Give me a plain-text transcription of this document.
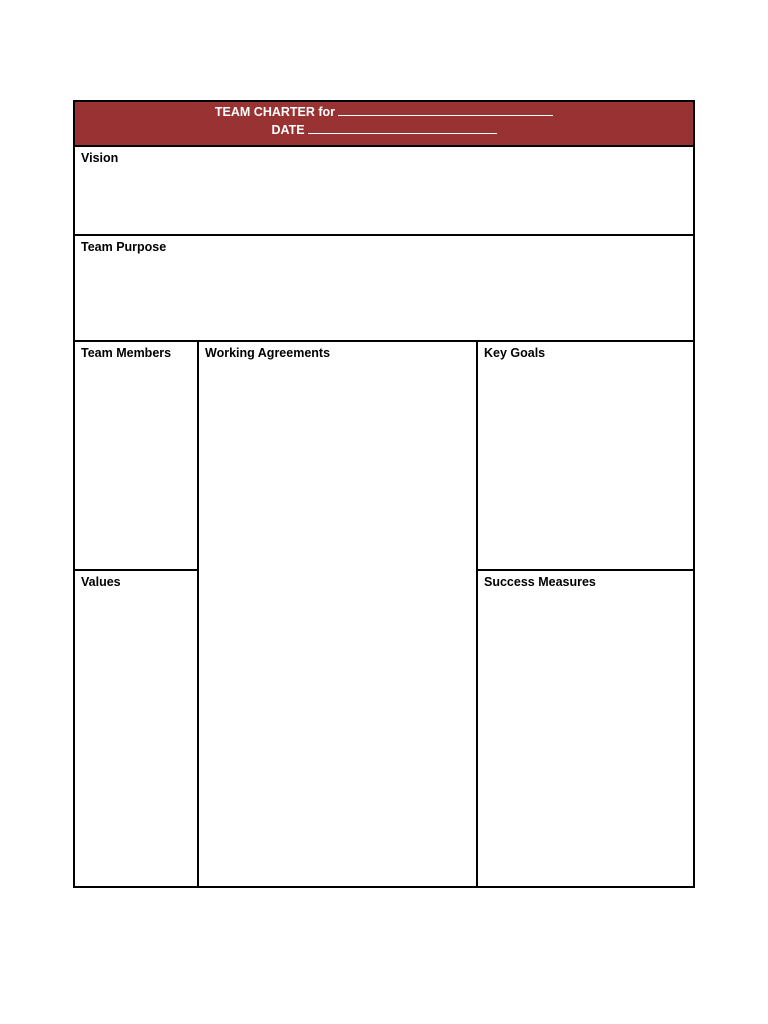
TEAM CHARTER for
DATE
Vision
Team Purpose
Team Members
Values
Working Agreements	Key Goals
Success Measures
